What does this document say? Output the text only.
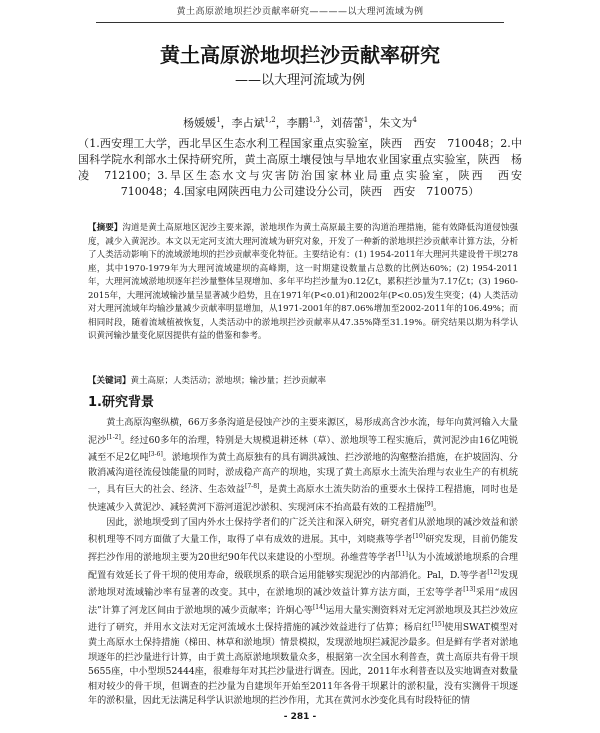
黄土高原淤地坝拦沙贡献率研究————以大理河流域为例
黄土高原淤地坝拦沙贡献率研究
——以大理河流域为例
杨媛媛$^1$，李占斌$^{1,2}$，李鹏$^{1,3}$，刘蓓蕾$^1$，朱文为$^4$
（1.西安理工大学，西北旱区生态水利工程国家重点实验室，陕西　西安　710048；2.中国科学院水利部水土保持研究所，黄土高原土壤侵蚀与旱地农业国家重点实验室，陕西　杨凌　712100；3.旱区生态水文与灾害防治国家林业局重点实验室，陕西　西安　710048；4.国家电网陕西电力公司建设分公司，陕西　西安　710075）
【摘要】沟道是黄土高原地区泥沙主要来源，淤地坝作为黄土高原最主要的沟道治理措施，能有效降低沟道侵蚀强度，减少入黄泥沙。本文以无定河支流大理河流域为研究对象，开发了一种新的淤地坝拦沙贡献率计算方法，分析了人类活动影响下的流域淤地坝的拦沙贡献率变化特征。主要结论有：(1) 1954-2011年大理河共建设骨干坝278座，其中1970-1979年为大理河流域建坝的高峰期，这一时期建设数量占总数的比例达60%；(2) 1954-2011年，大理河流域淤地坝逐年拦沙量整体呈现增加、多年平均拦沙量为0.12亿t，累积拦沙量为7.17亿t；(3) 1960-2015年，大理河流域输沙量呈显著减少趋势，且在1971年(P<0.01)和2002年(P<0.05)发生突变；(4) 人类活动对大理河流域年均输沙量减少贡献率明显增加，从1971-2001年的87.06%增加至2002-2011年的106.49%；而相同时段，随着流域植被恢复，人类活动中的淤地坝拦沙贡献率从47.35%降至31.19%。研究结果以期为科学认识黄河输沙量变化原因提供有益的借鉴和参考。
【关键词】黄土高原；人类活动；淤地坝；输沙量；拦沙贡献率
1.研究背景

黄土高原沟壑纵横，66万多条沟道是侵蚀产沙的主要来源区，易形成高含沙水流，每年向黄河输入大量泥沙[1-2]。经过60多年的治理，特别是大规模退耕还林（草）、淤地坝等工程实施后，黄河泥沙由16亿吨锐减至不足2亿吨[3-6]。淤地坝作为黄土高原独有的具有调洪减蚀、拦沙淤地的沟壑整治措施，在护坡固沟、分散消减沟道径流侵蚀能量的同时，淤成稳产高产的坝地，实现了黄土高原水土流失治理与农业生产的有机统一，具有巨大的社会、经济、生态效益[7-8]，是黄土高原水土流失防治的重要水土保持工程措施，同时也是快速减少入黄泥沙、减轻黄河下游河道泥沙淤积、实现河床不抬高最有效的工程措施[9]。

因此，淤地坝受到了国内外水土保持学者们的广泛关注和深入研究，研究者们从淤地坝的减沙效益和淤积机理等不同方面做了大量工作，取得了卓有成效的进展。其中，刘晓燕等学者[10]研究发现，目前仍能发挥拦沙作用的淤地坝主要为20世纪90年代以来建设的小型坝。孙维营等学者[11]认为小流域淤地坝系的合理配置有效延长了骨干坝的使用寿命，级联坝系的联合运用能够实现泥沙的内部消化。Pal，D.等学者[12]发现淤地坝对流域输沙率有显著的改变。其中，在淤地坝的减沙效益计算方法方面，王宏等学者[13]采用“成因法”计算了河龙区间由于淤地坝的减少贡献率；许炯心等[14]运用大量实测资料对无定河淤地坝及其拦沙效应进行了研究，并用水文法对无定河流域水土保持措施的减沙效益进行了估算；杨启红[15]使用SWAT模型对黄土高原水土保持措施（梯田、林草和淤地坝）情景模拟，发现淤地坝拦减泥沙最多。但是鲜有学者对淤地坝逐年的拦沙量进行计算，由于黄土高原淤地坝数量众多，根据第一次全国水利普查，黄土高原共有骨干坝5655座，中小型坝52444座，很难每年对其拦沙量进行调查。因此，2011年水利普查以及实地调查对数量相对较少的骨干坝，但调查的拦沙量为自建坝年开始至2011年各骨干坝累计的淤积量，没有实测骨干坝逐年的淤积量，因此无法满足科学认识淤地坝的拦沙作用，尤其在黄河水沙变化具有时段特征的情

- 281 -
